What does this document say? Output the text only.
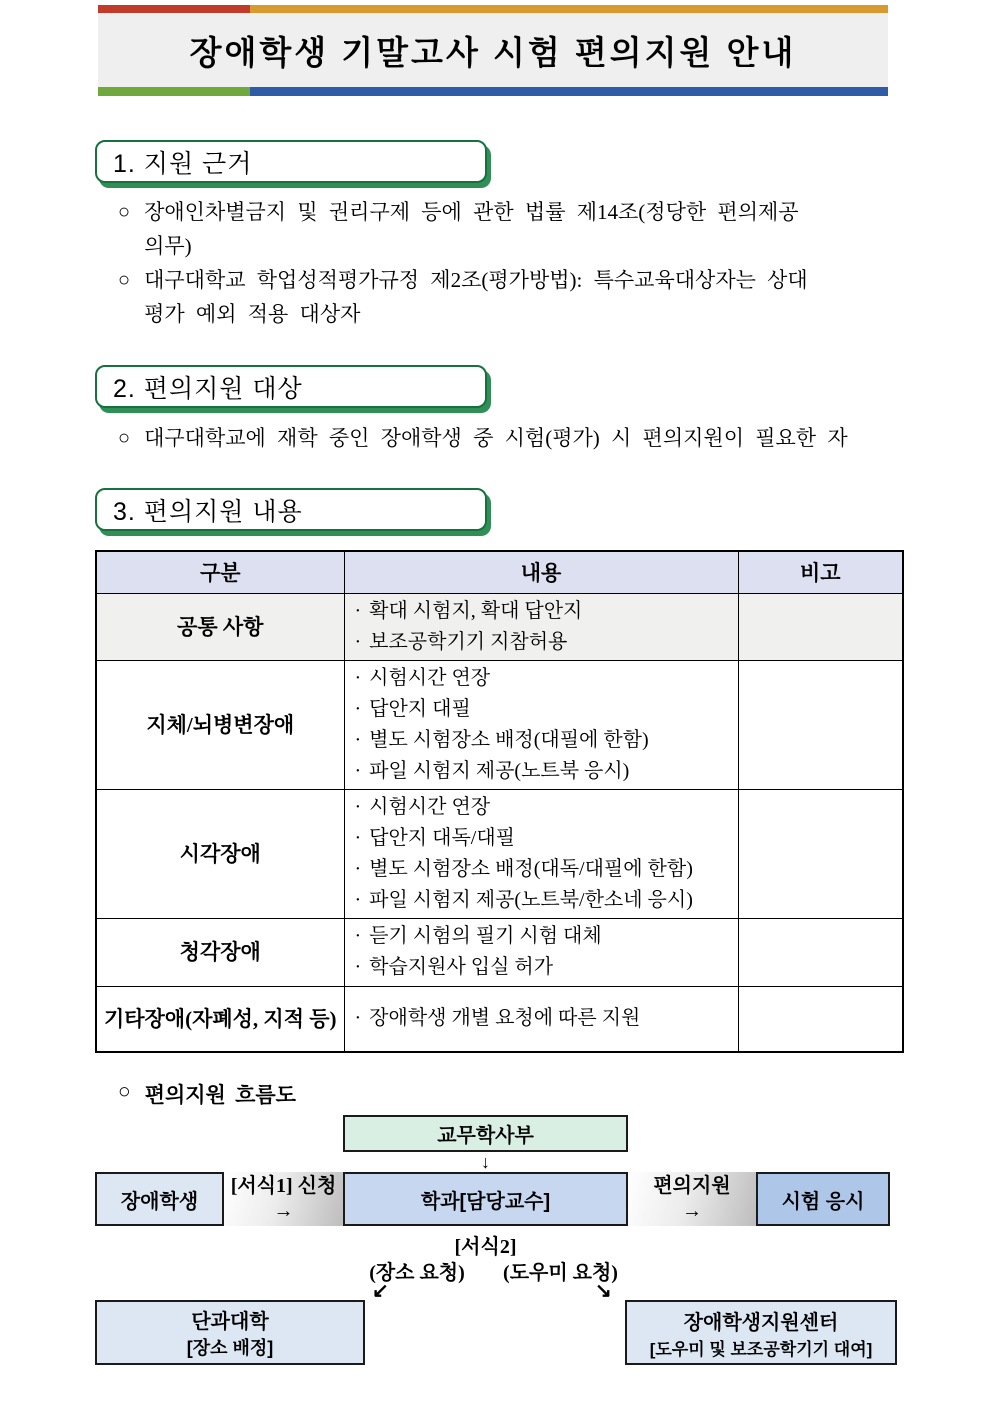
장애학생 기말고사 시험 편의지원 안내
1. 지원 근거
○ 장애인차별금지 및 권리구제 등에 관한 법률 제14조(정당한 편의제공
의무)
○ 대구대학교 학업성적평가규정 제2조(평가방법): 특수교육대상자는 상대
평가 예외 적용 대상자
2. 편의지원 대상
○ 대구대학교에 재학 중인 장애학생 중 시험(평가) 시 편의지원이 필요한 자
3. 편의지원 내용
구분	내용	비고
공통 사항	· 확대 시험지, 확대 답안지
· 보조공학기기 지참허용	

지체/뇌병변장애	· 시험시간 연장
· 답안지 대필
· 별도 시험장소 배정(대필에 한함)
· 파일 시험지 제공(노트북 응시)	

시각장애	· 시험시간 연장
· 답안지 대독/대필
· 별도 시험장소 배정(대독/대필에 한함)
· 파일 시험지 제공(노트북/한소네 응시)	

청각장애	· 듣기 시험의 필기 시험 대체
· 학습지원사 입실 허가	

기타장애(자폐성, 지적 등)	· 장애학생 개별 요청에 따른 지원	

○ 편의지원 흐름도
교무학사부
↓
장애학생
[서식1] 신청
→	학과[담당교수]
편의지원
→	시험 응시
[서식2]
(장소 요청)	(도우미 요청)
↙	↘
단과대학
[장소 배정]
장애학생지원센터
[도우미 및 보조공학기기 대여]
